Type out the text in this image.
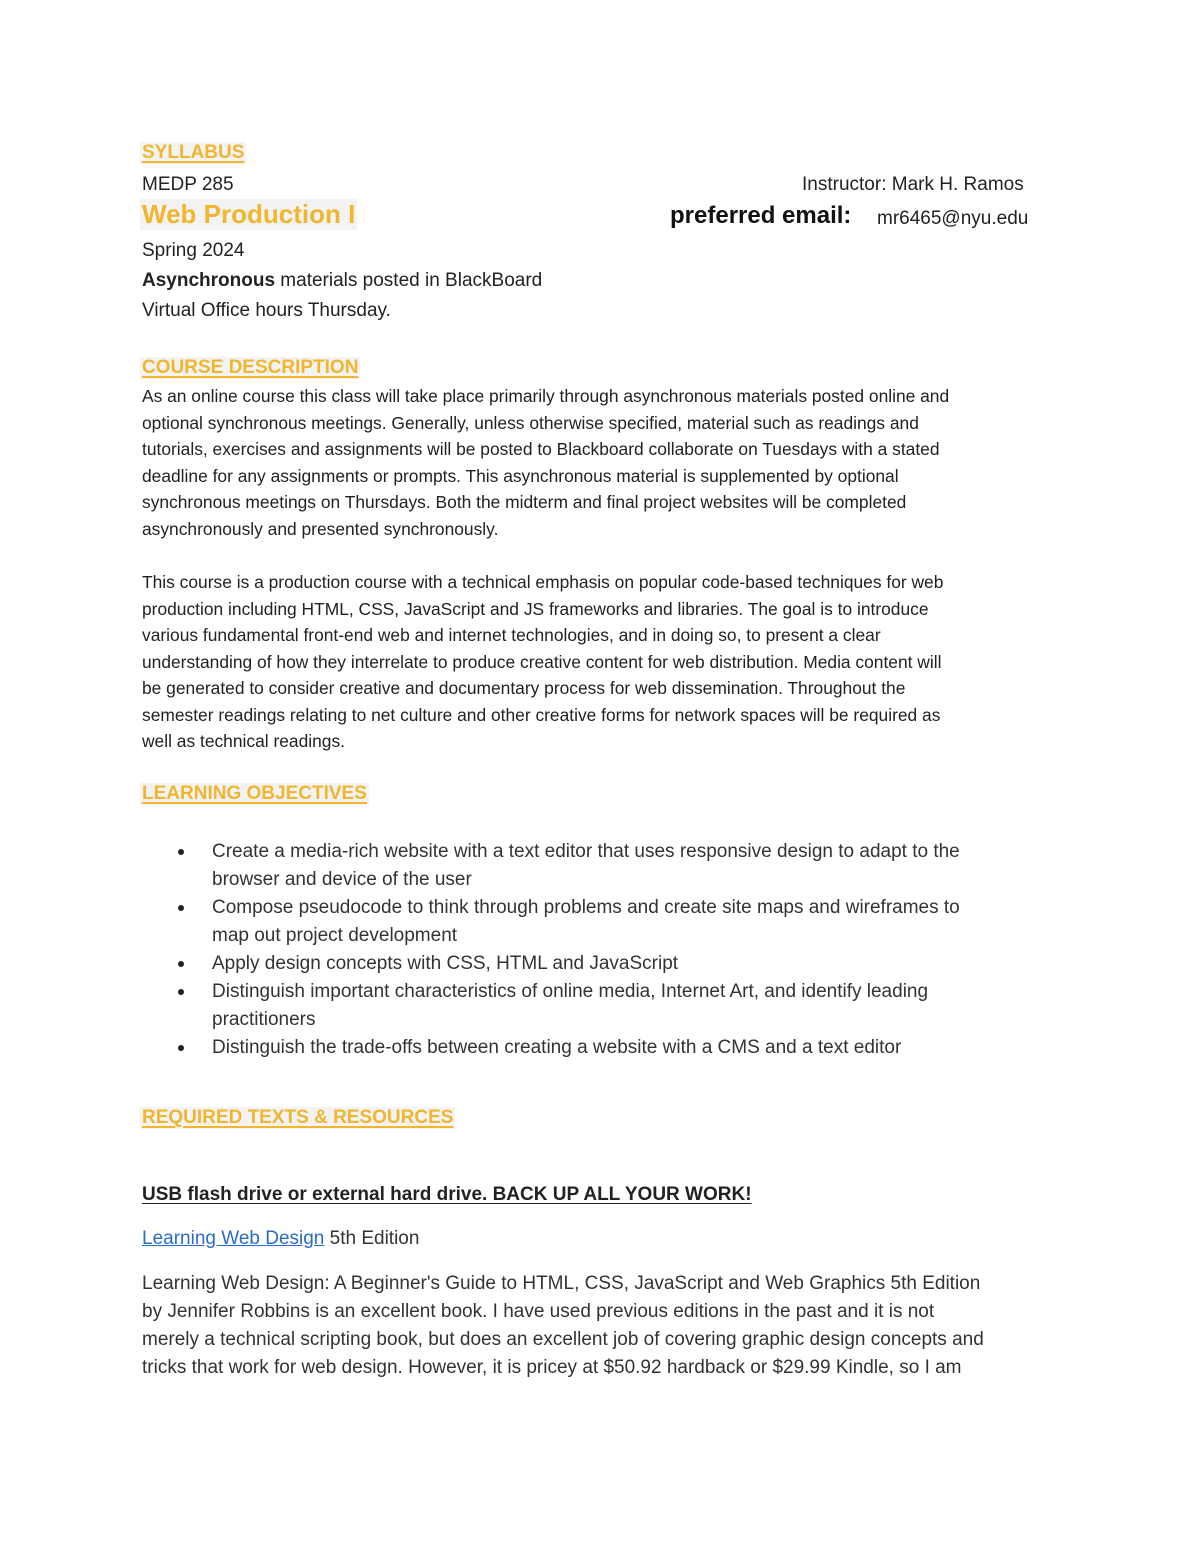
SYLLABUS
MEDP 285	Instructor: Mark H. Ramos
Web Production I	preferred email: mr6465@nyu.edu
Spring 2024
Asynchronous materials posted in BlackBoard
Virtual Office hours Thursday.
COURSE DESCRIPTION
As an online course this class will take place primarily through asynchronous materials posted online and
optional synchronous meetings. Generally, unless otherwise specified, material such as readings and
tutorials, exercises and assignments will be posted to Blackboard collaborate on Tuesdays with a stated
deadline for any assignments or prompts. This asynchronous material is supplemented by optional
synchronous meetings on Thursdays. Both the midterm and final project websites will be completed
asynchronously and presented synchronously.
This course is a production course with a technical emphasis on popular code-based techniques for web
production including HTML, CSS, JavaScript and JS frameworks and libraries. The goal is to introduce
various fundamental front-end web and internet technologies, and in doing so, to present a clear
understanding of how they interrelate to produce creative content for web distribution. Media content will
be generated to consider creative and documentary process for web dissemination. Throughout the
semester readings relating to net culture and other creative forms for network spaces will be required as
well as technical readings.
LEARNING OBJECTIVES
Create a media-rich website with a text editor that uses responsive design to adapt to the
browser and device of the user
Compose pseudocode to think through problems and create site maps and wireframes to
map out project development
Apply design concepts with CSS, HTML and JavaScript
Distinguish important characteristics of online media, Internet Art, and identify leading
practitioners
Distinguish the trade-offs between creating a website with a CMS and a text editor
REQUIRED TEXTS & RESOURCES
USB flash drive or external hard drive. BACK UP ALL YOUR WORK!
Learning Web Design 5th Edition
Learning Web Design: A Beginner's Guide to HTML, CSS, JavaScript and Web Graphics 5th Edition
by Jennifer Robbins is an excellent book. I have used previous editions in the past and it is not
merely a technical scripting book, but does an excellent job of covering graphic design concepts and
tricks that work for web design. However, it is pricey at $50.92 hardback or $29.99 Kindle, so I am
